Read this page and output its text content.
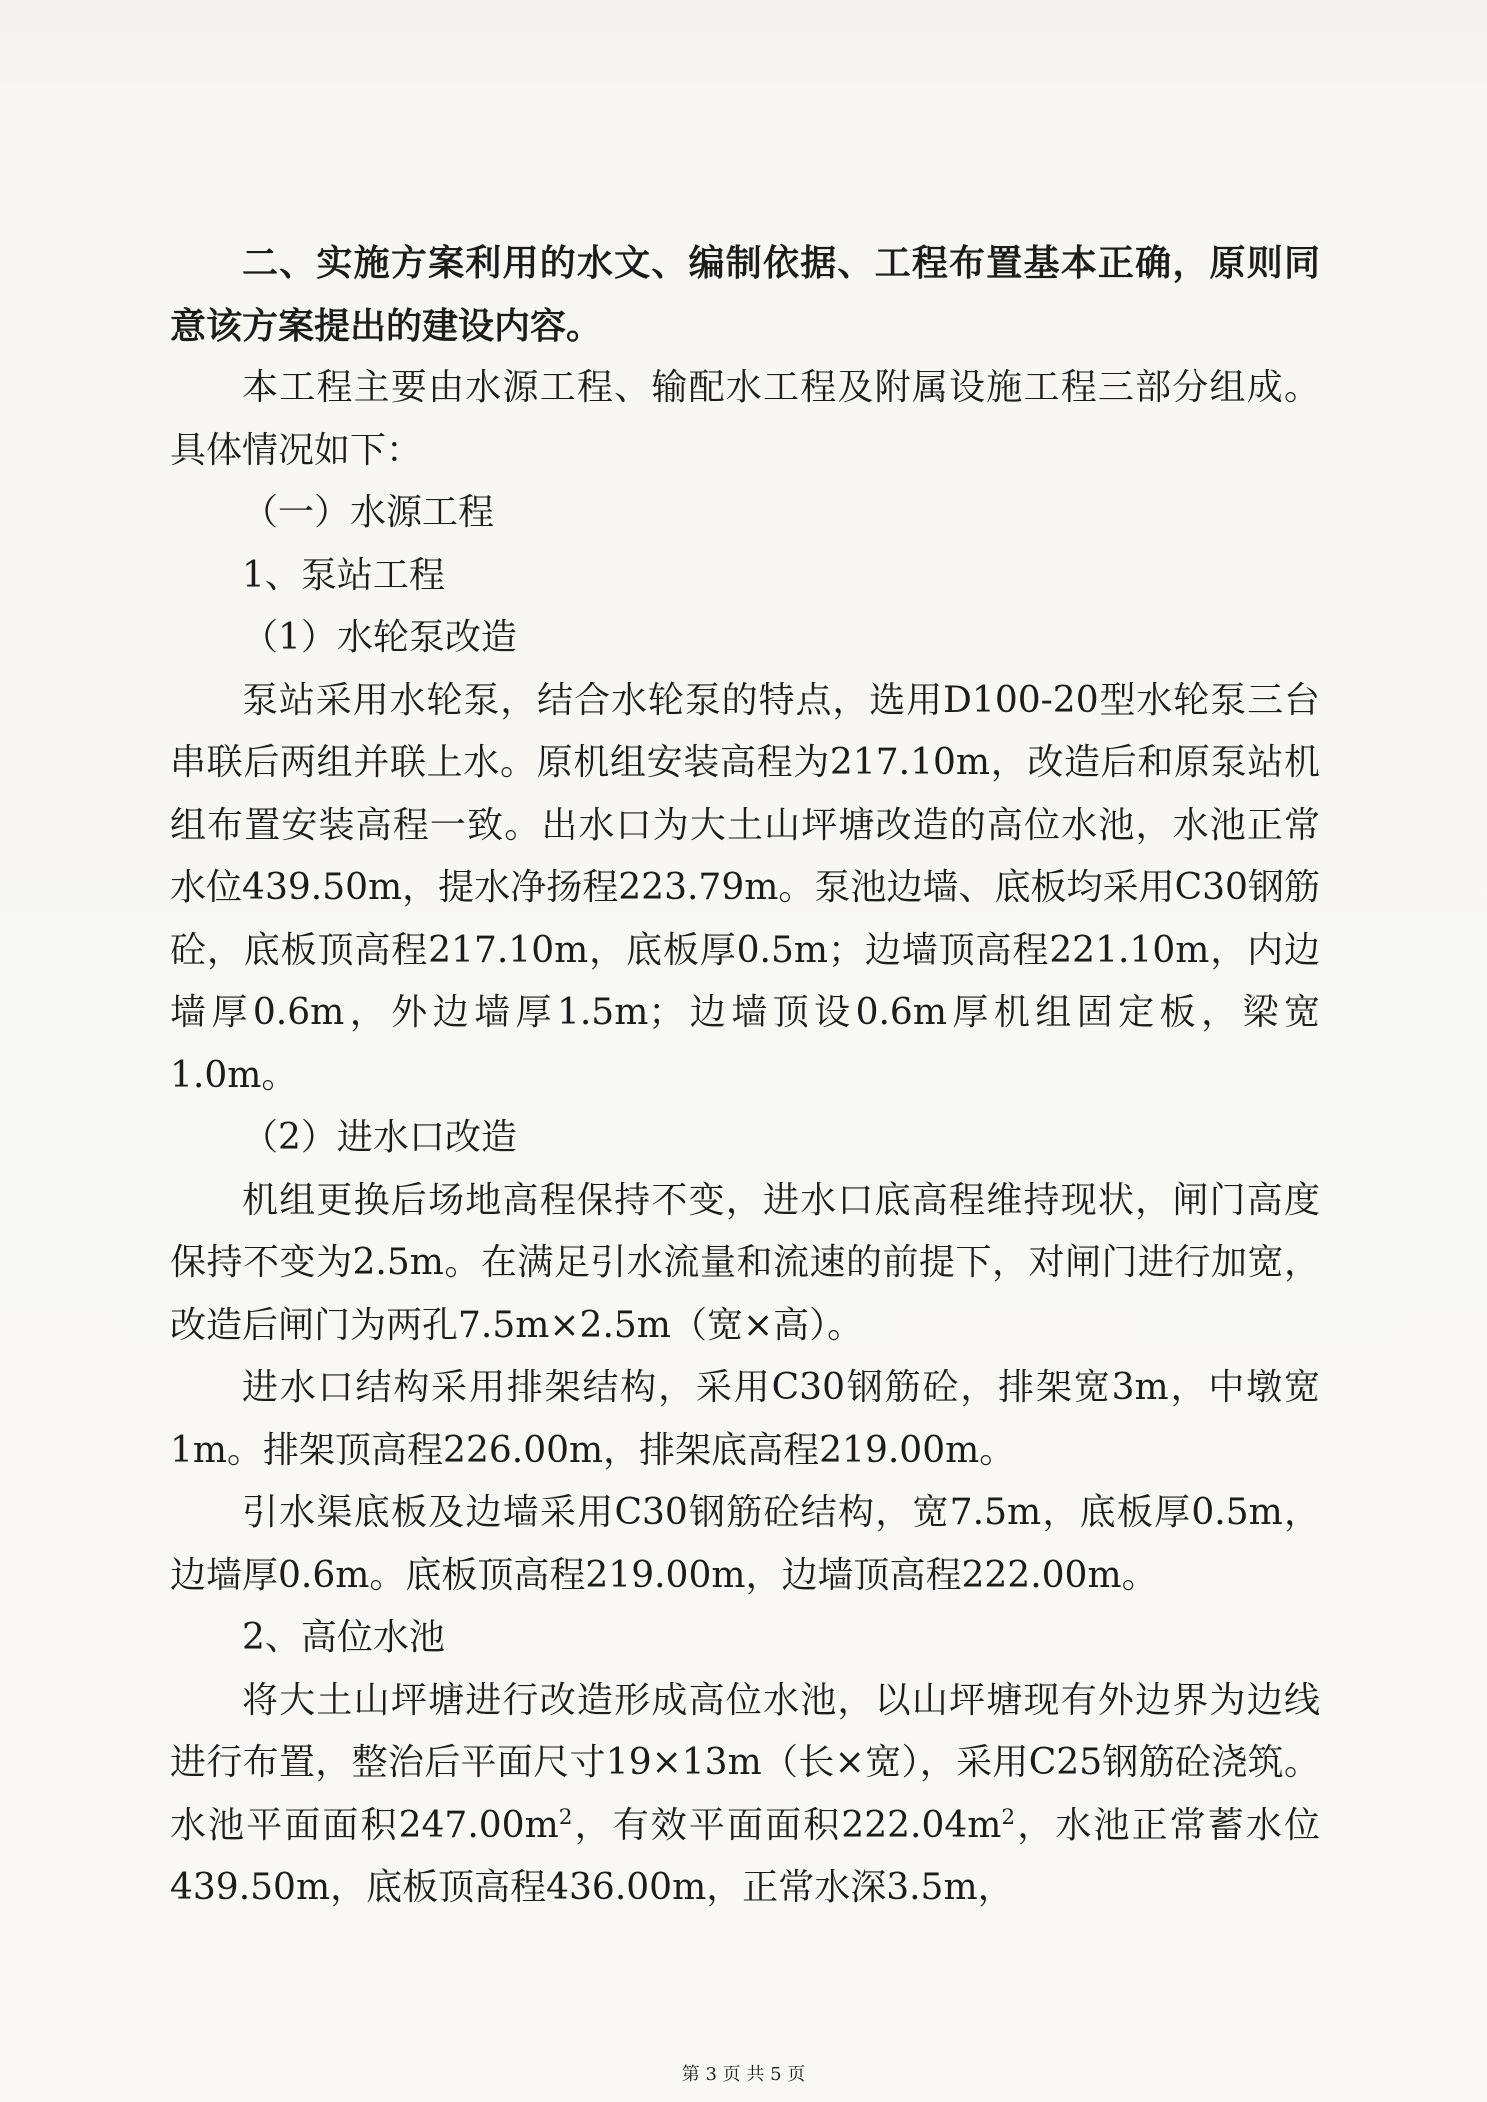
二、实施方案利用的水文、编制依据、工程布置基本正确，原则同意该方案提出的建设内容。

本工程主要由水源工程、输配水工程及附属设施工程三部分组成。具体情况如下：

（一）水源工程

1、泵站工程

（1）水轮泵改造

泵站采用水轮泵，结合水轮泵的特点，选用D100-20型水轮泵三台串联后两组并联上水。原机组安装高程为217.10m，改造后和原泵站机组布置安装高程一致。出水口为大土山坪塘改造的高位水池，水池正常水位439.50m，提水净扬程223.79m。泵池边墙、底板均采用C30钢筋砼，底板顶高程217.10m，底板厚0.5m；边墙顶高程221.10m，内边墙厚0.6m，外边墙厚1.5m；边墙顶设0.6m厚机组固定板，梁宽1.0m。

（2）进水口改造

机组更换后场地高程保持不变，进水口底高程维持现状，闸门高度保持不变为2.5m。在满足引水流量和流速的前提下，对闸门进行加宽，改造后闸门为两孔7.5m×2.5m（宽×高）。

进水口结构采用排架结构，采用C30钢筋砼，排架宽3m，中墩宽1m。排架顶高程226.00m，排架底高程219.00m。

引水渠底板及边墙采用C30钢筋砼结构，宽7.5m，底板厚0.5m，边墙厚0.6m。底板顶高程219.00m，边墙顶高程222.00m。

2、高位水池

将大土山坪塘进行改造形成高位水池，以山坪塘现有外边界为边线进行布置，整治后平面尺寸19×13m（长×宽），采用C25钢筋砼浇筑。水池平面面积$247.00m^2$，有效平面面积$222.04m^2$，水池正常蓄水位439.50m，底板顶高程436.00m，正常水深3.5m，

第 3 页 共 5 页
